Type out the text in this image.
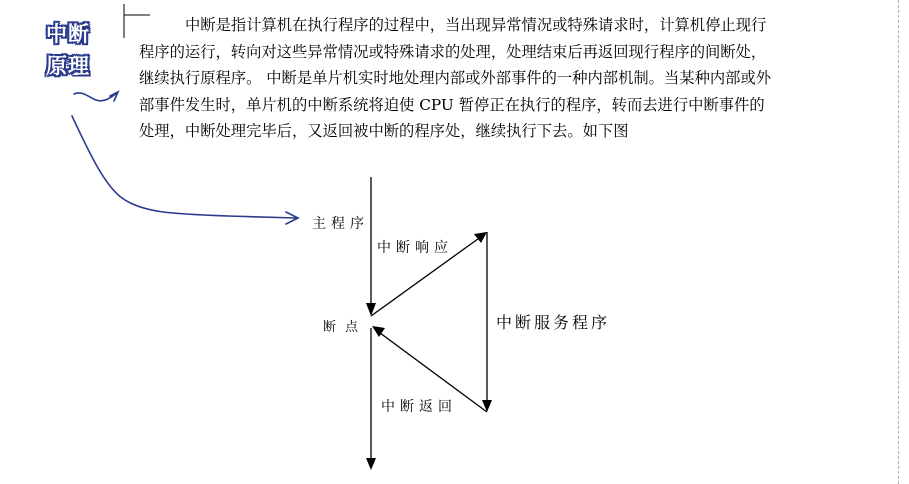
中断
原理

中断是指计算机在执行程序的过程中，当出现异常情况或特殊请求时，计算机停止现行程序的运行，转向对这些异常情况或特殊请求的处理，处理结束后再返回现行程序的间断处，继续执行原程序。 中断是单片机实时地处理内部或外部事件的一种内部机制。当某种内部或外部事件发生时，单片机的中断系统将迫使 CPU 暂停正在执行的程序，转而去进行中断事件的处理，中断处理完毕后，又返回被中断的程序处，继续执行下去。如下图

主程序
中断响应
断点	中断服务程序
中断返回
